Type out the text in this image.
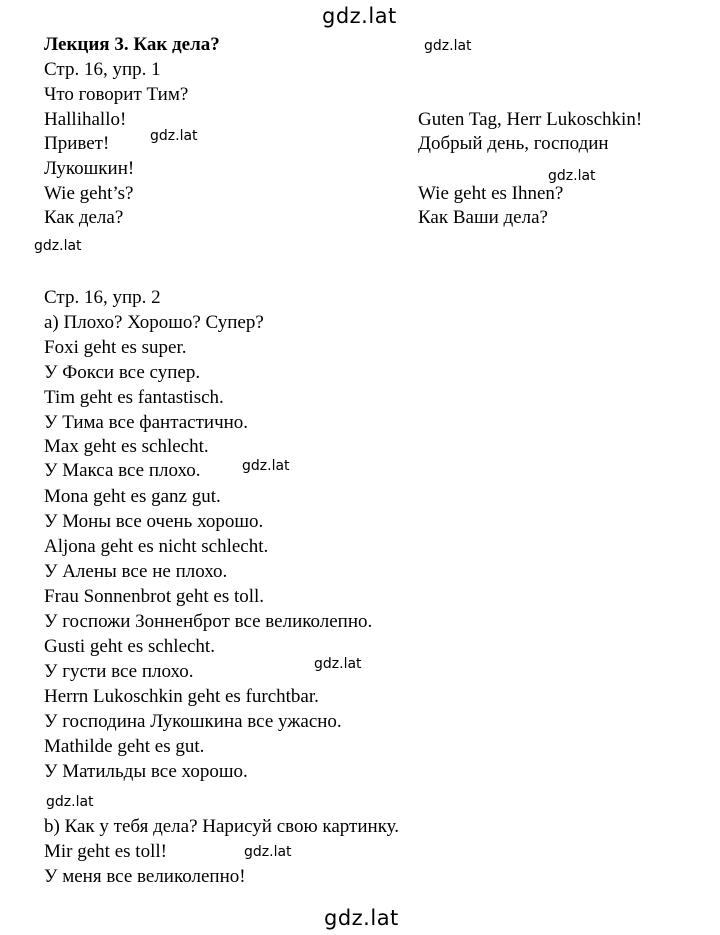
gdz.lat
gdz.lat
gdz.lat
gdz.lat
gdz.lat
gdz.lat
gdz.lat
gdz.lat
gdz.lat
gdz.lat
Лекция 3. Как дела?
Стр. 16, упр. 1
Что говорит Тим?
Hallihallo!
Привет!
Лукошкин!
Wie geht’s?
Как дела?
Guten Tag, Herr Lukoschkin!
Добрый день, господин
Wie geht es Ihnen?
Как Ваши дела?
Стр. 16, упр. 2
а) Плохо? Хорошо? Супер?
Foxi geht es super.
У Фокси все супер.
Tim geht es fantastisch.
У Тима все фантастично.
Max geht es schlecht.
У Макса все плохо.
Mona geht es ganz gut.
У Моны все очень хорошо.
Aljona geht es nicht schlecht.
У Алены все не плохо.
Frau Sonnenbrot geht es toll.
У госпожи Зонненброт все великолепно.
Gusti geht es schlecht.
У густи все плохо.
Herrn Lukoschkin geht es furchtbar.
У господина Лукошкина все ужасно.
Mathilde geht es gut.
У Матильды все хорошо.
b) Как у тебя дела? Нарисуй свою картинку.
Mir geht es toll!
У меня все великолепно!
